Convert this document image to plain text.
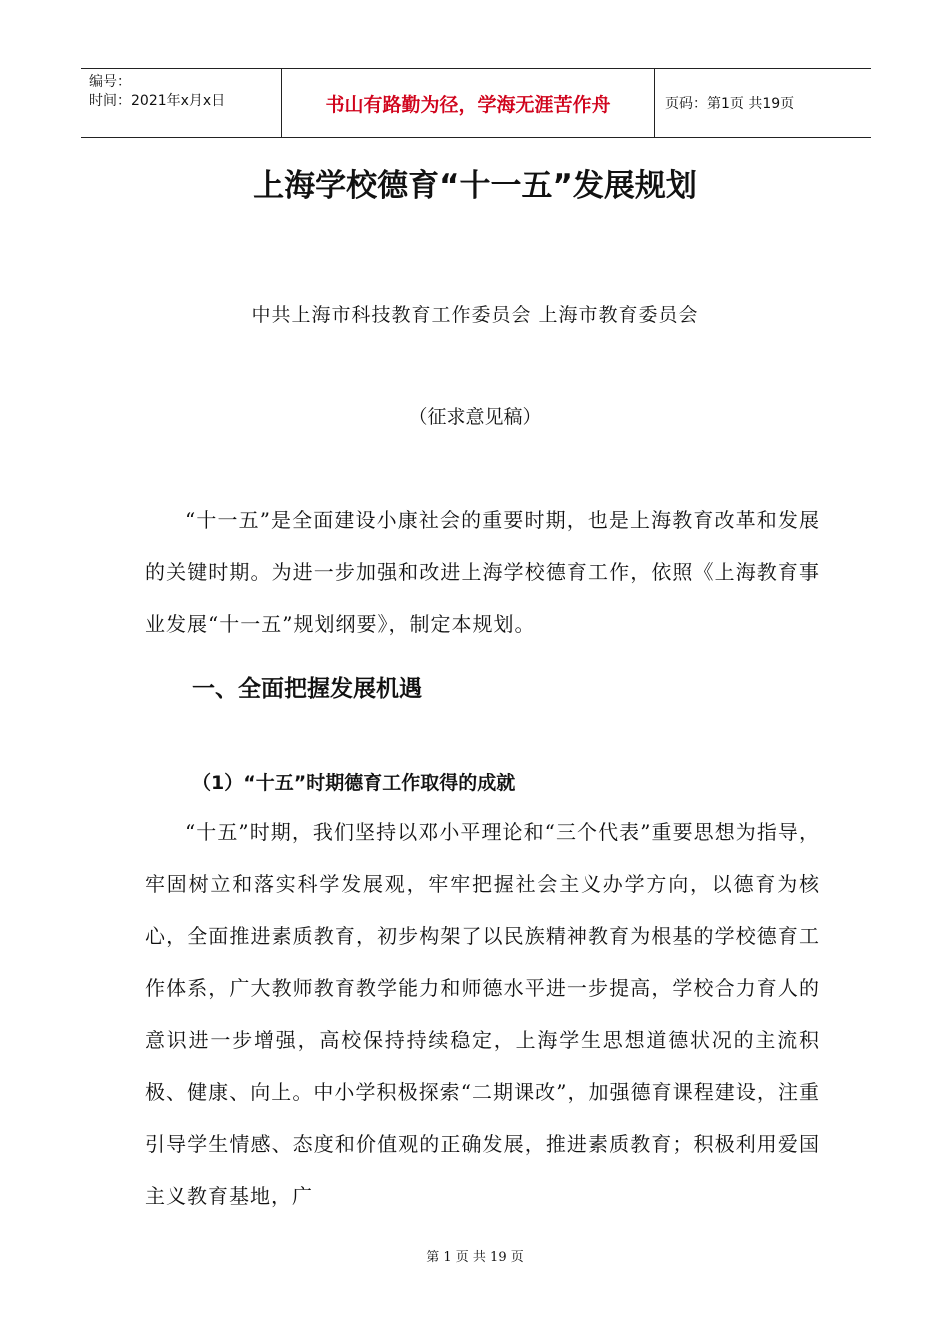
编号：
时间：2021年x月x日	书山有路勤为径，学海无涯苦作舟	页码：第1页 共19页
上海学校德育“十一五”发展规划
中共上海市科技教育工作委员会 上海市教育委员会
（征求意见稿）

“十一五”是全面建设小康社会的重要时期，也是上海教育改革和发展的关键时期。为进一步加强和改进上海学校德育工作，依照《上海教育事业发展“十一五”规划纲要》，制定本规划。

一、全面把握发展机遇
（1）“十五”时期德育工作取得的成就

“十五”时期，我们坚持以邓小平理论和“三个代表”重要思想为指导，牢固树立和落实科学发展观，牢牢把握社会主义办学方向，以德育为核心，全面推进素质教育，初步构架了以民族精神教育为根基的学校德育工作体系，广大教师教育教学能力和师德水平进一步提高，学校合力育人的意识进一步增强，高校保持持续稳定，上海学生思想道德状况的主流积极、健康、向上。中小学积极探索“二期课改”，加强德育课程建设，注重引导学生情感、态度和价值观的正确发展，推进素质教育；积极利用爱国主义教育基地，广

第 1 页 共 19 页
